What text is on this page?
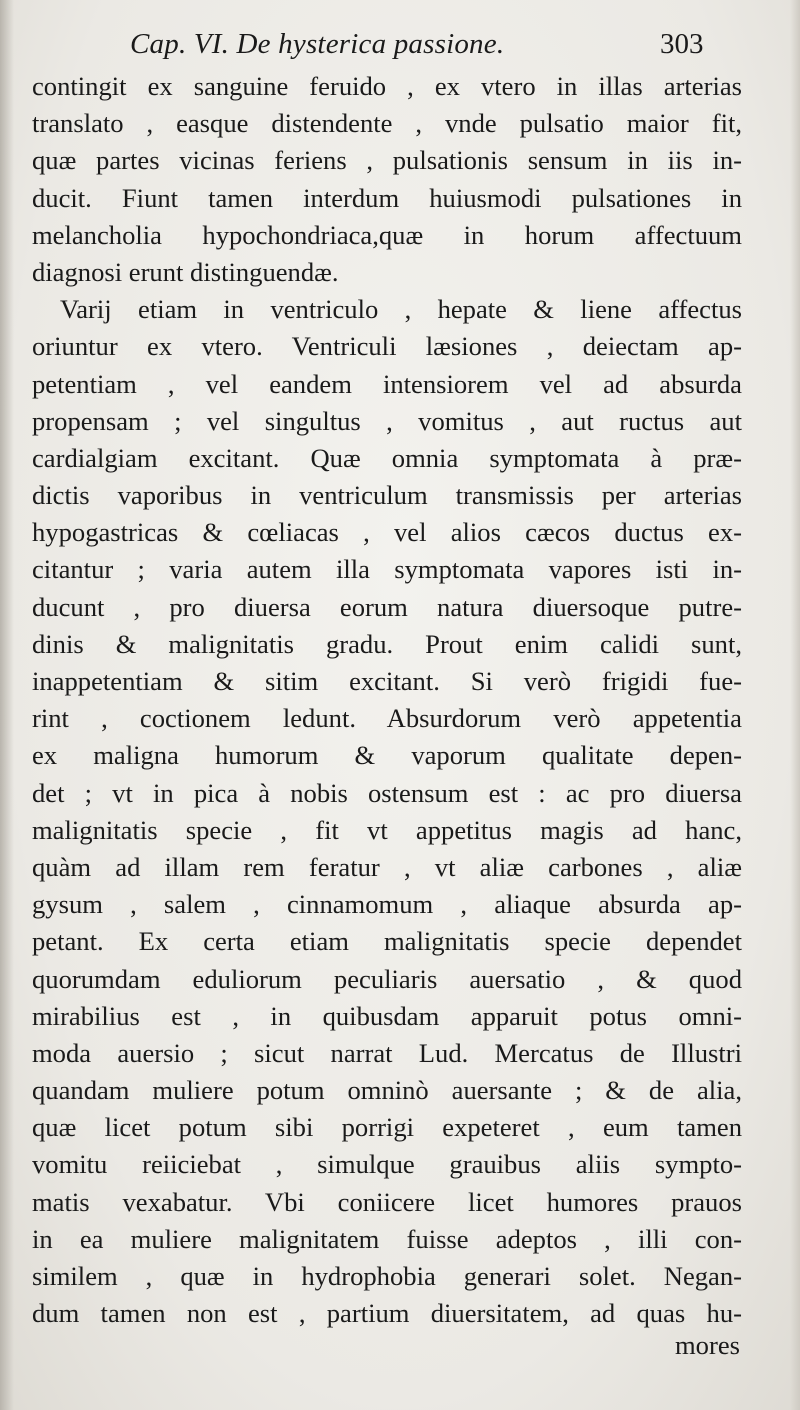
Cap. VI. De hysterica passione.	303
contingit ex sanguine feruido , ex vtero in illas arterias
translato , easque distendente , vnde pulsatio maior fit,
quæ partes vicinas feriens , pulsationis sensum in iis in-
ducit. Fiunt tamen interdum huiusmodi pulsationes in
melancholia hypochondriaca,quæ in horum affectuum
diagnosi erunt distinguendæ.
Varij etiam in ventriculo , hepate & liene affectus
oriuntur ex vtero. Ventriculi læsiones , deiectam ap-
petentiam , vel eandem intensiorem vel ad absurda
propensam ; vel singultus , vomitus , aut ructus aut
cardialgiam excitant. Quæ omnia symptomata à præ-
dictis vaporibus in ventriculum transmissis per arterias
hypogastricas & cœliacas , vel alios cæcos ductus ex-
citantur ; varia autem illa symptomata vapores isti in-
ducunt , pro diuersa eorum natura diuersoque putre-
dinis & malignitatis gradu. Prout enim calidi sunt,
inappetentiam & sitim excitant. Si verò frigidi fue-
rint , coctionem ledunt. Absurdorum verò appetentia
ex maligna humorum & vaporum qualitate depen-
det ; vt in pica à nobis ostensum est : ac pro diuersa
malignitatis specie , fit vt appetitus magis ad hanc,
quàm ad illam rem feratur , vt aliæ carbones , aliæ
gysum , salem , cinnamomum , aliaque absurda ap-
petant. Ex certa etiam malignitatis specie dependet
quorumdam eduliorum peculiaris auersatio , & quod
mirabilius est , in quibusdam apparuit potus omni-
moda auersio ; sicut narrat Lud. Mercatus de Illustri
quandam muliere potum omninò auersante ; & de alia,
quæ licet potum sibi porrigi expeteret , eum tamen
vomitu reiiciebat , simulque grauibus aliis sympto-
matis vexabatur. Vbi coniicere licet humores prauos
in ea muliere malignitatem fuisse adeptos , illi con-
similem , quæ in hydrophobia generari solet. Negan-
dum tamen non est , partium diuersitatem, ad quas hu-
mores
